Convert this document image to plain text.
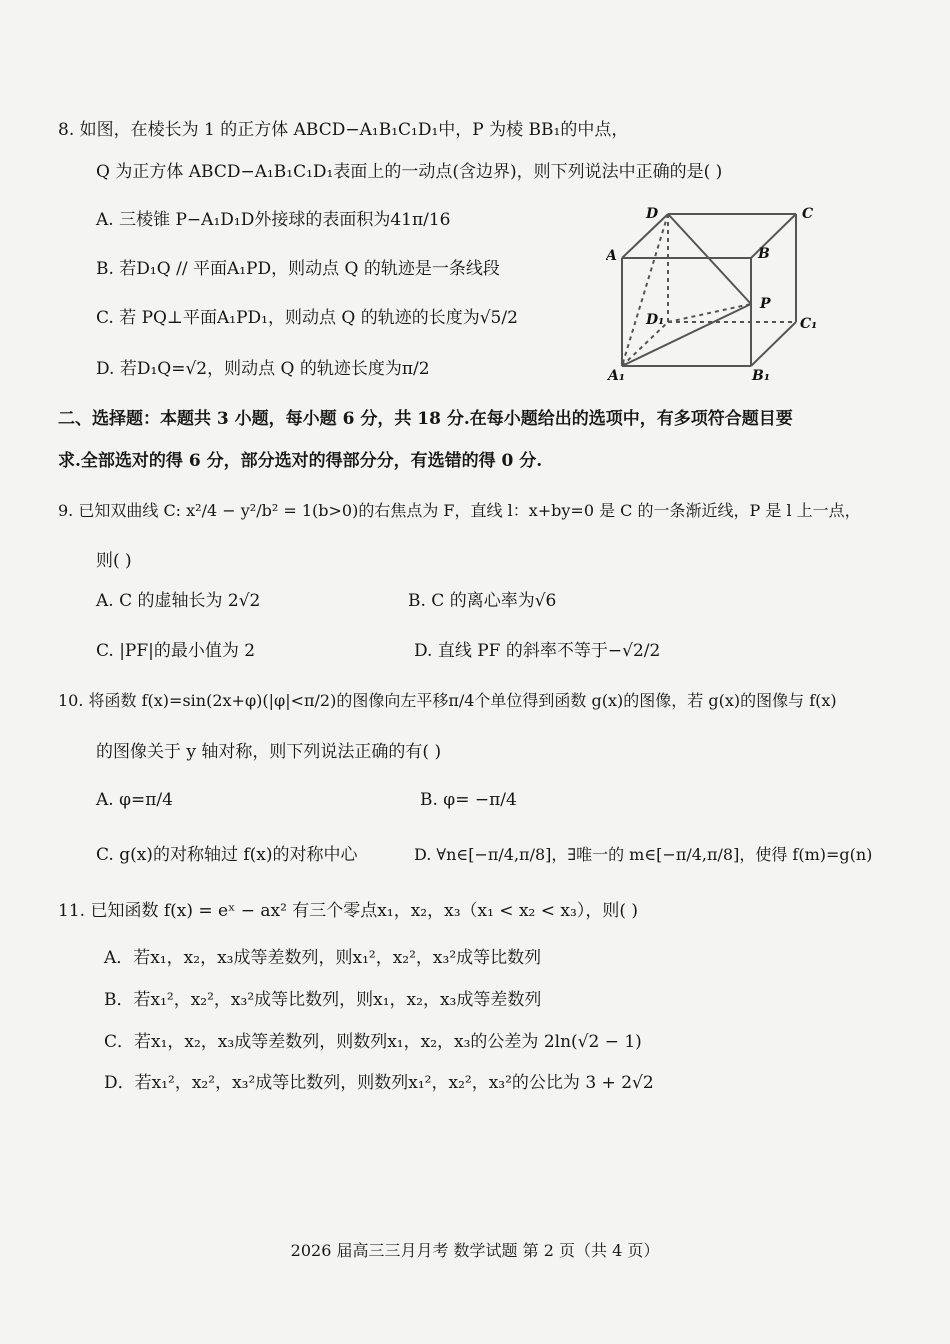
8. 如图，在棱长为 1 的正方体 ABCD−A₁B₁C₁D₁中，P 为棱 BB₁的中点，
Q 为正方体 ABCD−A₁B₁C₁D₁表面上的一动点(含边界)，则下列说法中正确的是( )
A. 三棱锥 P−A₁D₁D外接球的表面积为41π/16
B. 若D₁Q // 平面A₁PD，则动点 Q 的轨迹是一条线段
C. 若 PQ⊥平面A₁PD₁，则动点 Q 的轨迹的长度为√5/2
D. 若D₁Q=√2，则动点 Q 的轨迹长度为π/2
D	C
A	B
P
D₁	C₁
A₁	B₁
二、选择题：本题共 3 小题，每小题 6 分，共 18 分.在每小题给出的选项中，有多项符合题目要
求.全部选对的得 6 分，部分选对的得部分分，有选错的得 0 分.
9. 已知双曲线 C: x²/4 − y²/b² = 1(b>0)的右焦点为 F，直线 l：x+by=0 是 C 的一条渐近线，P 是 l 上一点，
则( )
A. C 的虚轴长为 2√2	B. C 的离心率为√6
C. |PF|的最小值为 2	D. 直线 PF 的斜率不等于−√2/2
10. 将函数 f(x)=sin(2x+φ)(|φ|<π/2)的图像向左平移π/4个单位得到函数 g(x)的图像，若 g(x)的图像与 f(x)
的图像关于 y 轴对称，则下列说法正确的有( )
A. φ=π/4	B. φ= −π/4
C. g(x)的对称轴过 f(x)的对称中心	D. ∀n∈[−π/4,π/8]，∃唯一的 m∈[−π/4,π/8]，使得 f(m)=g(n)
11. 已知函数 f(x) = eˣ − ax² 有三个零点x₁，x₂，x₃（x₁ < x₂ < x₃），则( )
A．若x₁，x₂，x₃成等差数列，则x₁²，x₂²，x₃²成等比数列
B．若x₁²，x₂²，x₃²成等比数列，则x₁，x₂，x₃成等差数列
C．若x₁，x₂，x₃成等差数列，则数列x₁，x₂，x₃的公差为 2ln(√2 − 1)
D．若x₁²，x₂²，x₃²成等比数列，则数列x₁²，x₂²，x₃²的公比为 3 + 2√2
2026 届高三三月月考 数学试题 第 2 页（共 4 页）
